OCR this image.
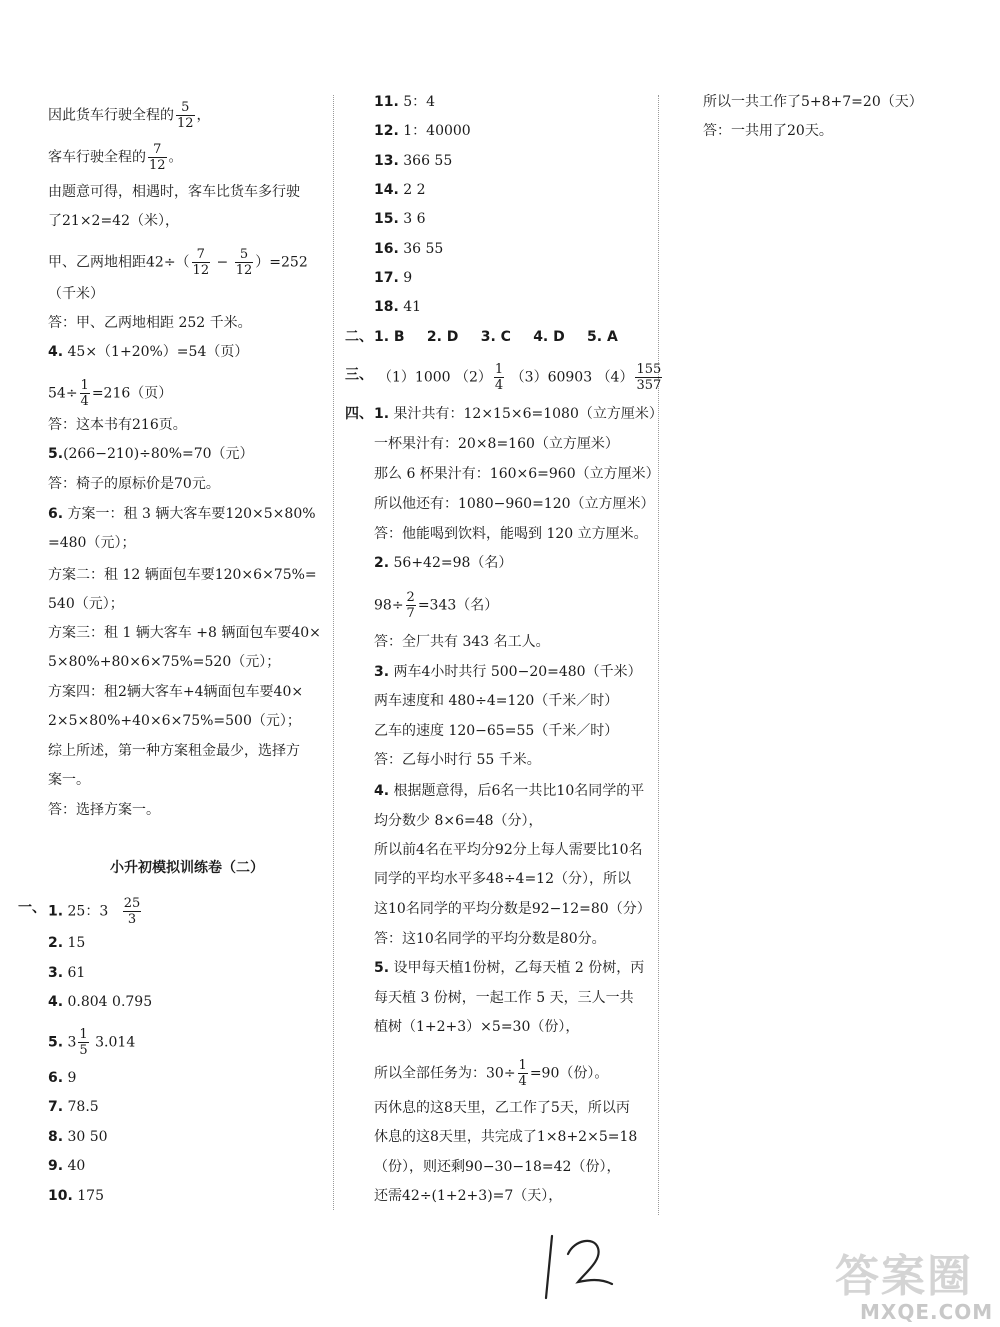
因此货车行驶全程的 $\frac{5}{12}$ ，
客车行驶全程的 $\frac{7}{12}$ 。
由题意可得，相遇时，客车比货车多行驶
了21×2=42（米），
甲、乙两地相距$42\div( \frac{7}{12} - \frac{5}{12} )=252$
（千米）
答：甲、乙两地相距 252 千米。
4. 45×（1+20%）=54（页）
$54\div \frac{1}{4} =216$（页）
答：这本书有216页。
5.(266−210)÷80%=70（元）
答：椅子的原标价是70元。
6. 方案一：租 3 辆大客车要120×5×80%
=480（元）；
方案二：租 12 辆面包车要120×6×75%=
540（元）；
方案三：租 1 辆大客车 +8 辆面包车要40×
5×80%+80×6×75%=520（元）；
方案四：租2辆大客车+4辆面包车要40×
2×5×80%+40×6×75%=500（元）；
综上所述，第一种方案租金最少，选择方
案一。
答：选择方案一。
小升初模拟训练卷（二）
一、 1. 25：$3 \frac{25}{3}$
2. 15
3. 61
4. 0.804 0.795
5. $3 \frac{1}{5} 3.014$
6. 9
7. 78.5
8. 30 50
9. 40
10. 175
11. 5：4
12. 1：40000
13. 366 55
14. 2 2
15. 3 6
16. 36 55
17. 9
18. 41
二、 1. B 2. D 3. C 4. D 5. A
三、 （1）1000 $(2) \frac{1}{4} (3)60903$ $(4) \frac{155}{357}$
四、 1. 果汁共有：12×15×6=1080（立方厘米）
一杯果汁有：20×8=160（立方厘米）
那么 6 杯果汁有：160×6=960（立方厘米）
所以他还有：1080−960=120（立方厘米）
答：他能喝到饮料，能喝到 120 立方厘米。
2. 56+42=98（名）
$98\div \frac{2}{7} =343$（名）
答：全厂共有 343 名工人。
3. 两车4小时共行 500−20=480（千米）
两车速度和 480÷4=120（千米／时）
乙车的速度 120−65=55（千米／时）
答：乙每小时行 55 千米。
4. 根据题意得，后6名一共比10名同学的平
均分数少 8×6=48（分），
所以前4名在平均分92分上每人需要比10名
同学的平均水平多48÷4=12（分），所以
这10名同学的平均分数是92−12=80（分）
答：这10名同学的平均分数是80分。
5. 设甲每天植1份树，乙每天植 2 份树，丙
每天植 3 份树，一起工作 5 天，三人一共
植树（1+2+3）×5=30（份），
所以全部任务为：$30\div \frac{1}{4} =90$（份）。
丙休息的这8天里，乙工作了5天，所以丙
休息的这8天里，共完成了1×8+2×5=18
（份），则还剩90−30−18=42（份），
还需42÷(1+2+3)=7（天），
所以一共工作了5+8+7=20（天）
答：一共用了20天。
答案圈
MXQE.COM
